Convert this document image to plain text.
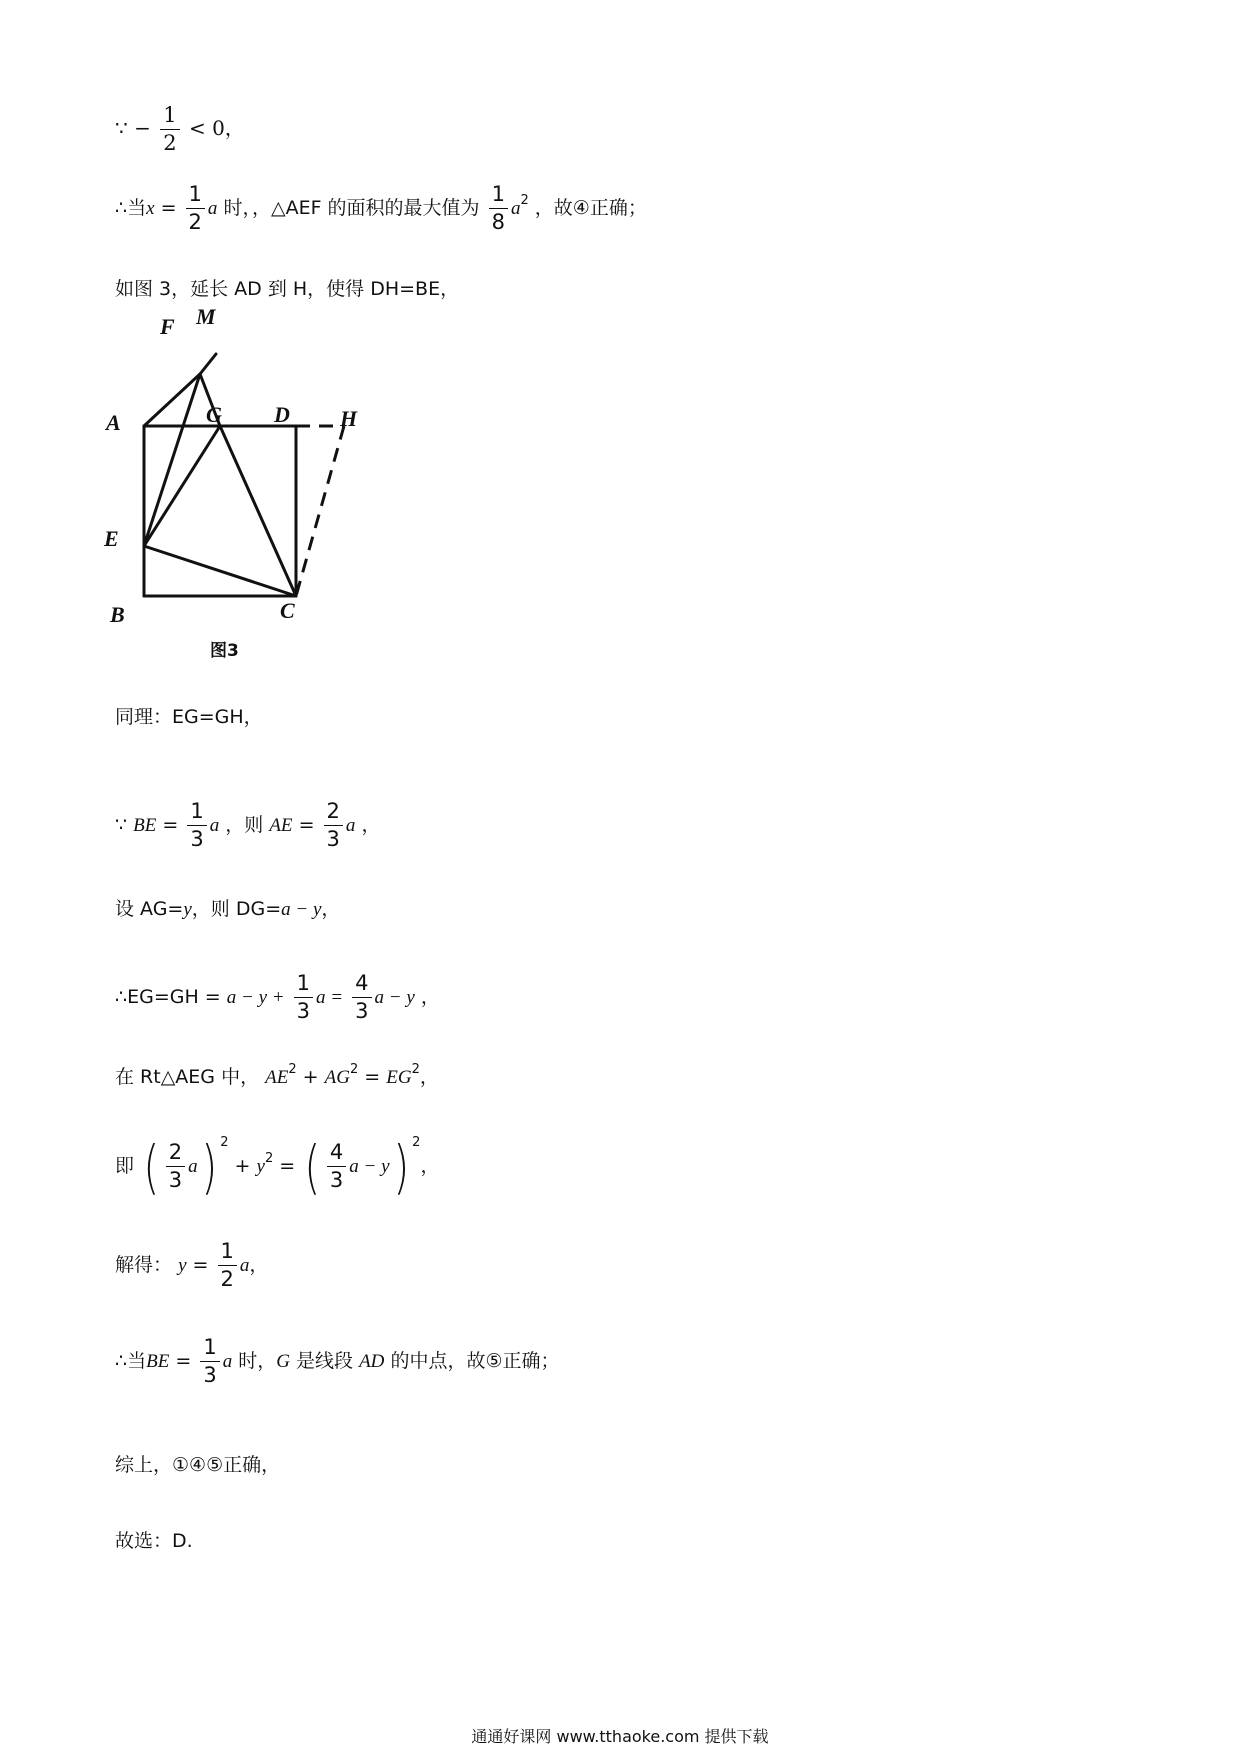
∵ − $\frac{1}{2} < 0$，
∴当$x = \frac{1}{2}$ a 时，，△AEF 的面积的最大值为 $\frac{1}{8} a^2$ ，故④正确；
如图 3，延长 AD 到 H，使得 DH=BE，
F M
A	G D H
E
B	C
图3
同理：EG=GH，
∵ BE = $\frac{1}{3}$ a ，则 AE = $\frac{2}{3}$ a ，
设 AG=y，则 DG=a − y，
∴EG=GH = $a - y + \frac{1}{3}$ $a = \frac{4}{3}$ a − y ，
在 Rt△AEG 中， $AE^2 + AG^2 = EG^2$，
即 ( $\frac{2}{3} a$) $^2 + y^2$ = ( $\frac{4}{3}$ a − y) $^2$，
解得： $y = \frac{1}{2}$ a，
∴当BE = $\frac{1}{3}$ a 时，G 是线段 AD 的中点，故⑤正确；
综上，①④⑤正确，
故选：D.
通通好课网 www.tthaoke.com 提供下载
